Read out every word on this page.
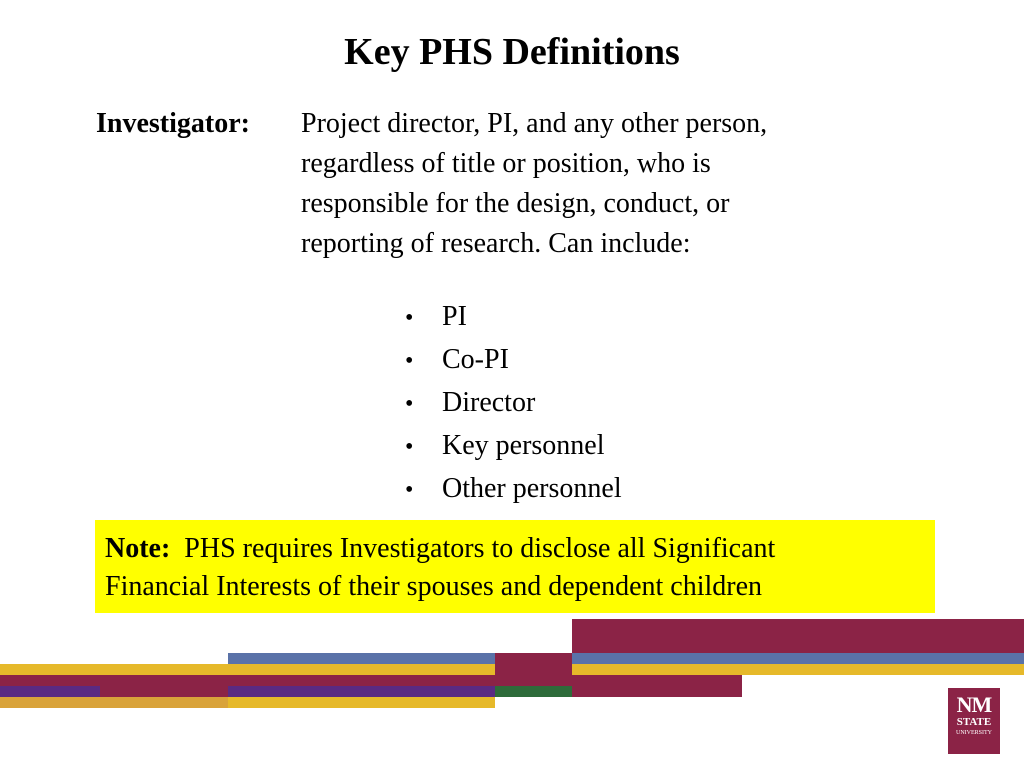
Key PHS Definitions
Investigator: Project director, PI, and any other person,
regardless of title or position, who is
responsible for the design, conduct, or
reporting of research. Can include:
•	PI
•	Co-PI
•	Director
•	Key personnel
•	Other personnel
Note:  PHS requires Investigators to disclose all Significant
Financial Interests of their spouses and dependent children
NM
STATE
UNIVERSITY
